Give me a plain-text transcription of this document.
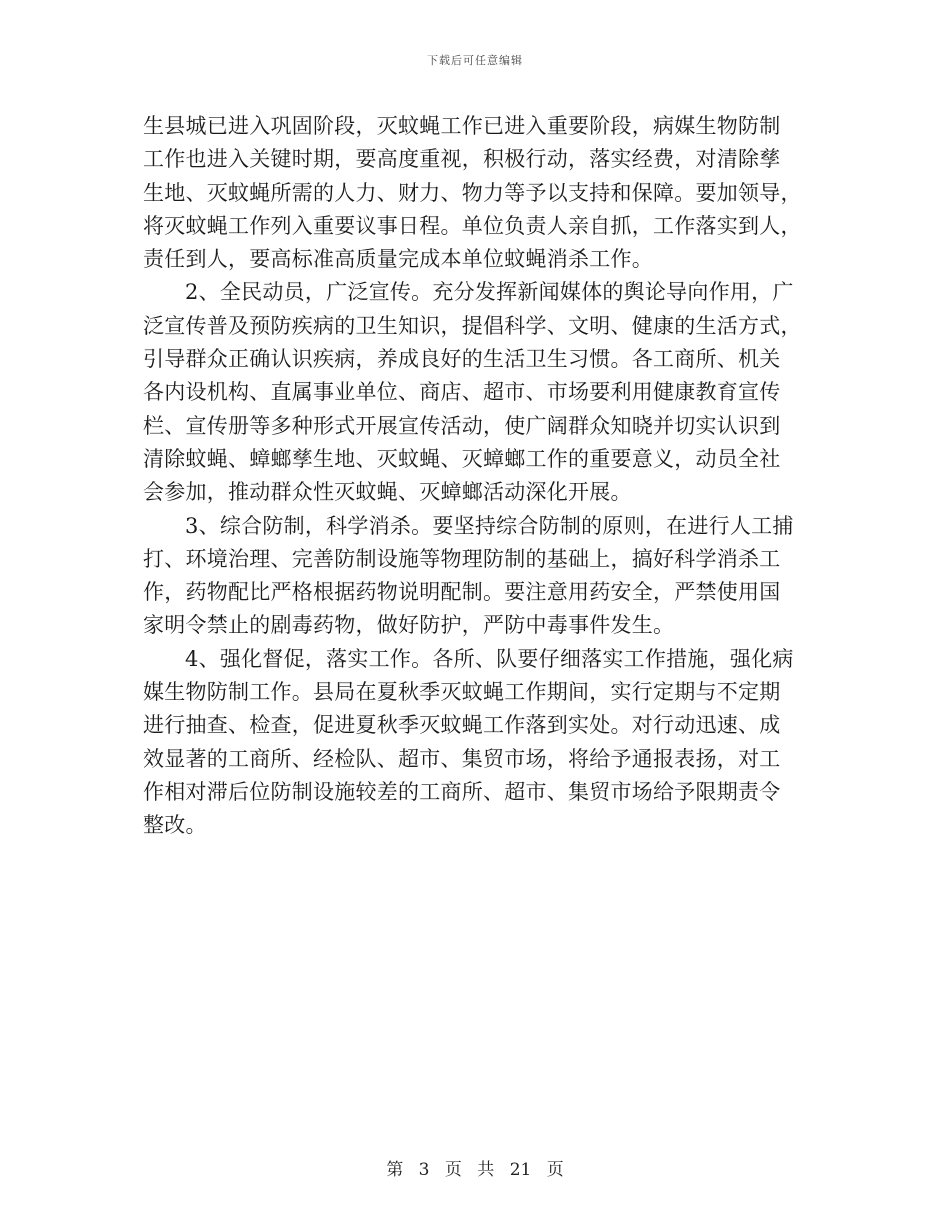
下载后可任意编辑
生县城已进入巩固阶段，灭蚊蝇工作已进入重要阶段，病媒生物防制
工作也进入关键时期，要高度重视，积极行动，落实经费，对清除孳
生地、灭蚊蝇所需的人力、财力、物力等予以支持和保障。要加领导，
将灭蚊蝇工作列入重要议事日程。单位负责人亲自抓，工作落实到人，
责任到人，要高标准高质量完成本单位蚊蝇消杀工作。
2、全民动员，广泛宣传。充分发挥新闻媒体的舆论导向作用，广
泛宣传普及预防疾病的卫生知识，提倡科学、文明、健康的生活方式，
引导群众正确认识疾病，养成良好的生活卫生习惯。各工商所、机关
各内设机构、直属事业单位、商店、超市、市场要利用健康教育宣传
栏、宣传册等多种形式开展宣传活动，使广阔群众知晓并切实认识到
清除蚊蝇、蟑螂孳生地、灭蚊蝇、灭蟑螂工作的重要意义，动员全社
会参加，推动群众性灭蚊蝇、灭蟑螂活动深化开展。
3、综合防制，科学消杀。要坚持综合防制的原则，在进行人工捕
打、环境治理、完善防制设施等物理防制的基础上，搞好科学消杀工
作，药物配比严格根据药物说明配制。要注意用药安全，严禁使用国
家明令禁止的剧毒药物，做好防护，严防中毒事件发生。
4、强化督促，落实工作。各所、队要仔细落实工作措施，强化病
媒生物防制工作。县局在夏秋季灭蚊蝇工作期间，实行定期与不定期
进行抽查、检查，促进夏秋季灭蚊蝇工作落到实处。对行动迅速、成
效显著的工商所、经检队、超市、集贸市场，将给予通报表扬，对工
作相对滞后位防制设施较差的工商所、超市、集贸市场给予限期责令
整改。
第 3 页 共 21 页
